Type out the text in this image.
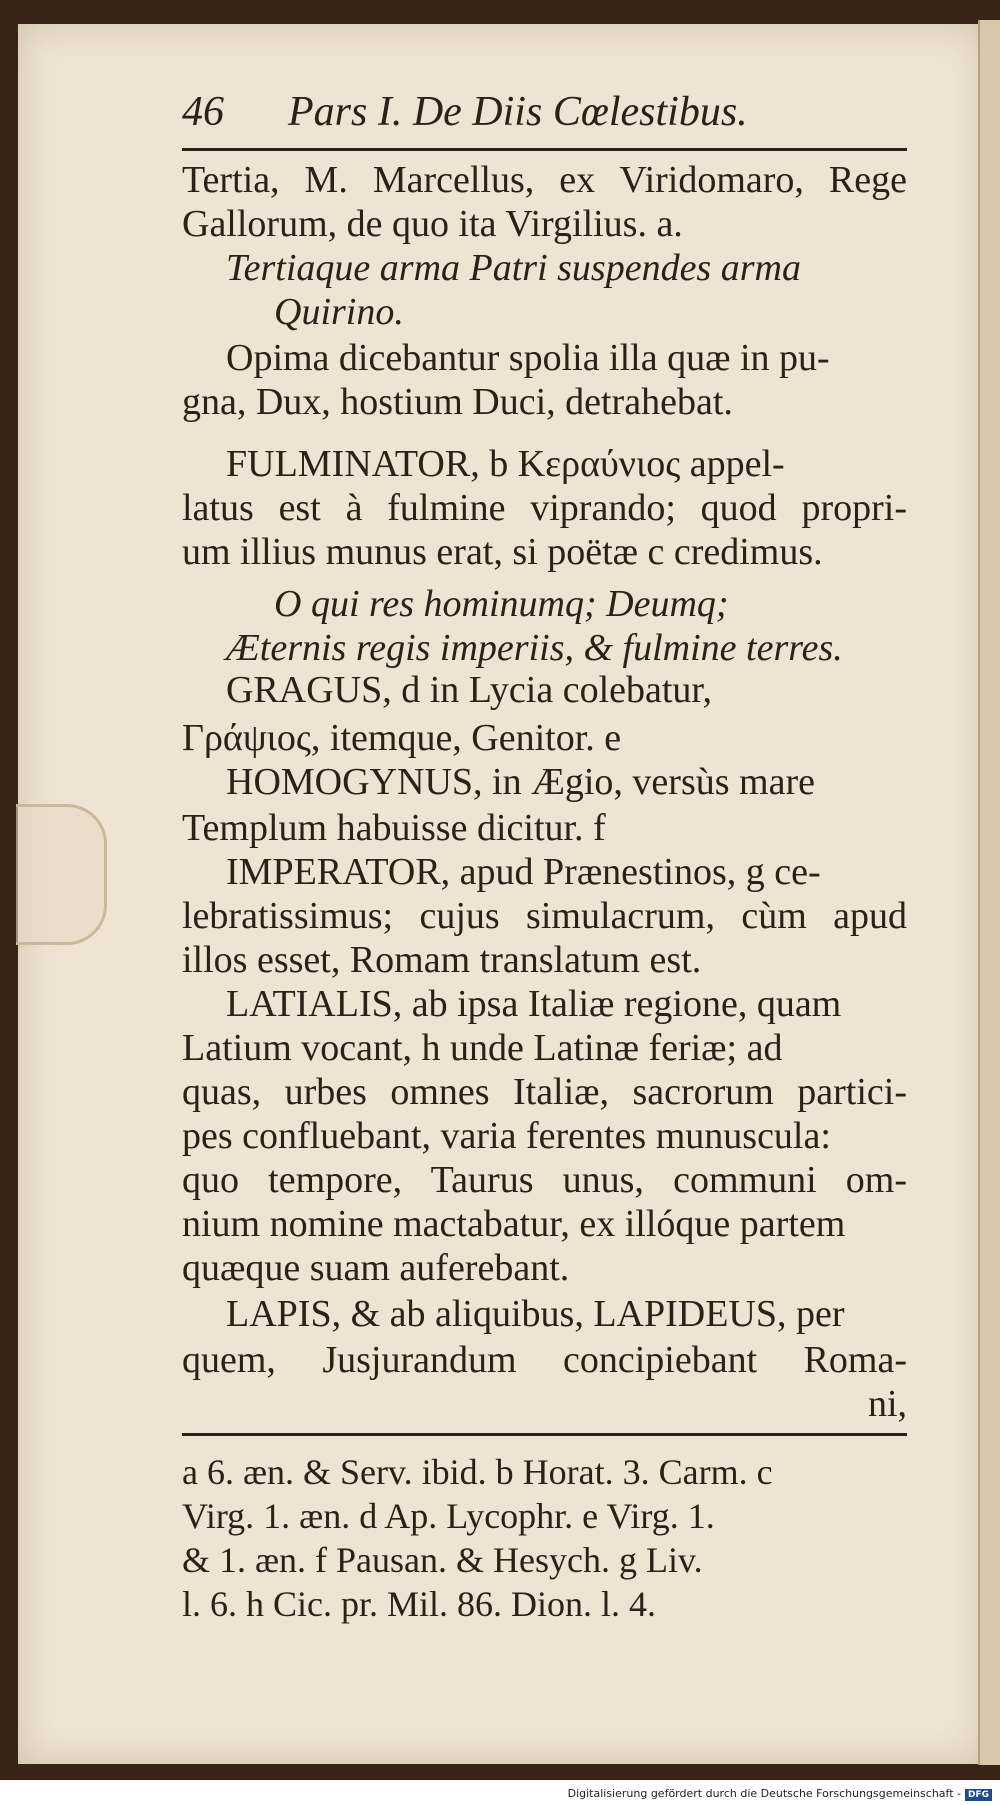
46 Pars I. De Diis Cœlestibus.

Tertia, M. Marcellus, ex Viridomaro, Rege

Gallorum, de quo ita Virgilius. a.

Tertiaque arma Patri suspendes arma

Quirino.

Opima dicebantur spolia illa quæ in pu-

gna, Dux, hostium Duci, detrahebat.

FULMINATOR, b Κεραύνιος appel-

latus est à fulmine viprando; quod propri-

um illius munus erat, si poëtæ c credimus.

O qui res hominumq; Deumq;

Æternis regis imperiis, & fulmine terres.

GRAGUS, d in Lycia colebatur,

Γράψιος, itemque, Genitor. e

HOMOGYNUS, in Ægio, versùs mare

Templum habuisse dicitur. f

IMPERATOR, apud Prænestinos, g ce-

lebratissimus; cujus simulacrum, cùm apud

illos esset, Romam translatum est.

LATIALIS, ab ipsa Italiæ regione, quam

Latium vocant, h unde Latinæ feriæ; ad

quas, urbes omnes Italiæ, sacrorum partici-

pes confluebant, varia ferentes munuscula:

quo tempore, Taurus unus, communi om-

nium nomine mactabatur, ex illóque partem

quæque suam auferebant.

LAPIS, & ab aliquibus, LAPIDEUS, per

quem, Jusjurandum concipiebant Roma-

ni,

a 6. æn. & Serv. ibid. b Horat. 3. Carm. c

Virg. 1. æn. d Ap. Lycophr. e Virg. 1.

& 1. æn. f Pausan. & Hesych. g Liv.

l. 6. h Cic. pr. Mil. 86. Dion. l. 4.

Digitalisierung gefördert durch die Deutsche Forschungsgemeinschaft - DFG
